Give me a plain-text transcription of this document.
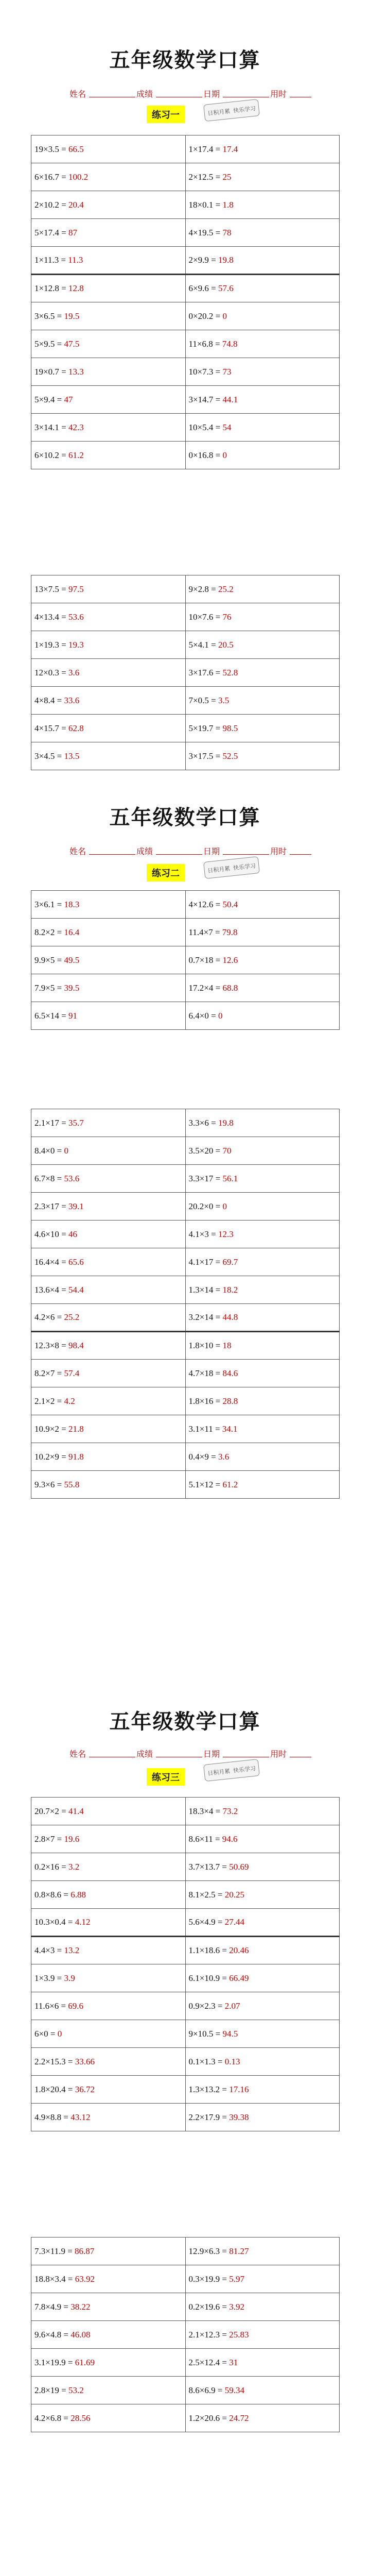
五年级数学口算
姓名	成绩	日期	用时
练习一	日积月累 快乐学习
19×3.5 = 66.5	1×17.4 = 17.4
6×16.7 = 100.2	2×12.5 = 25
2×10.2 = 20.4	18×0.1 = 1.8
5×17.4 = 87	4×19.5 = 78
1×11.3 = 11.3	2×9.9 = 19.8
1×12.8 = 12.8	6×9.6 = 57.6
3×6.5 = 19.5	0×20.2 = 0
5×9.5 = 47.5	11×6.8 = 74.8
19×0.7 = 13.3	10×7.3 = 73
5×9.4 = 47	3×14.7 = 44.1
3×14.1 = 42.3	10×5.4 = 54
6×10.2 = 61.2	0×16.8 = 0
13×7.5 = 97.5	9×2.8 = 25.2
4×13.4 = 53.6	10×7.6 = 76
1×19.3 = 19.3	5×4.1 = 20.5
12×0.3 = 3.6	3×17.6 = 52.8
4×8.4 = 33.6	7×0.5 = 3.5
4×15.7 = 62.8	5×19.7 = 98.5
3×4.5 = 13.5	3×17.5 = 52.5
五年级数学口算
姓名	成绩	日期	用时
练习二	日积月累 快乐学习
3×6.1 = 18.3	4×12.6 = 50.4
8.2×2 = 16.4	11.4×7 = 79.8
9.9×5 = 49.5	0.7×18 = 12.6
7.9×5 = 39.5	17.2×4 = 68.8
6.5×14 = 91	6.4×0 = 0
2.1×17 = 35.7	3.3×6 = 19.8
8.4×0 = 0	3.5×20 = 70
6.7×8 = 53.6	3.3×17 = 56.1
2.3×17 = 39.1	20.2×0 = 0
4.6×10 = 46	4.1×3 = 12.3
16.4×4 = 65.6	4.1×17 = 69.7
13.6×4 = 54.4	1.3×14 = 18.2
4.2×6 = 25.2	3.2×14 = 44.8
12.3×8 = 98.4	1.8×10 = 18
8.2×7 = 57.4	4.7×18 = 84.6
2.1×2 = 4.2	1.8×16 = 28.8
10.9×2 = 21.8	3.1×11 = 34.1
10.2×9 = 91.8	0.4×9 = 3.6
9.3×6 = 55.8	5.1×12 = 61.2
五年级数学口算
姓名	成绩	日期	用时
练习三	日积月累 快乐学习
20.7×2 = 41.4	18.3×4 = 73.2
2.8×7 = 19.6	8.6×11 = 94.6
0.2×16 = 3.2	3.7×13.7 = 50.69
0.8×8.6 = 6.88	8.1×2.5 = 20.25
10.3×0.4 = 4.12	5.6×4.9 = 27.44
4.4×3 = 13.2	1.1×18.6 = 20.46
1×3.9 = 3.9	6.1×10.9 = 66.49
11.6×6 = 69.6	0.9×2.3 = 2.07
6×0 = 0	9×10.5 = 94.5
2.2×15.3 = 33.66	0.1×1.3 = 0.13
1.8×20.4 = 36.72	1.3×13.2 = 17.16
4.9×8.8 = 43.12	2.2×17.9 = 39.38
7.3×11.9 = 86.87	12.9×6.3 = 81.27
18.8×3.4 = 63.92	0.3×19.9 = 5.97
7.8×4.9 = 38.22	0.2×19.6 = 3.92
9.6×4.8 = 46.08	2.1×12.3 = 25.83
3.1×19.9 = 61.69	2.5×12.4 = 31
2.8×19 = 53.2	8.6×6.9 = 59.34
4.2×6.8 = 28.56	1.2×20.6 = 24.72
